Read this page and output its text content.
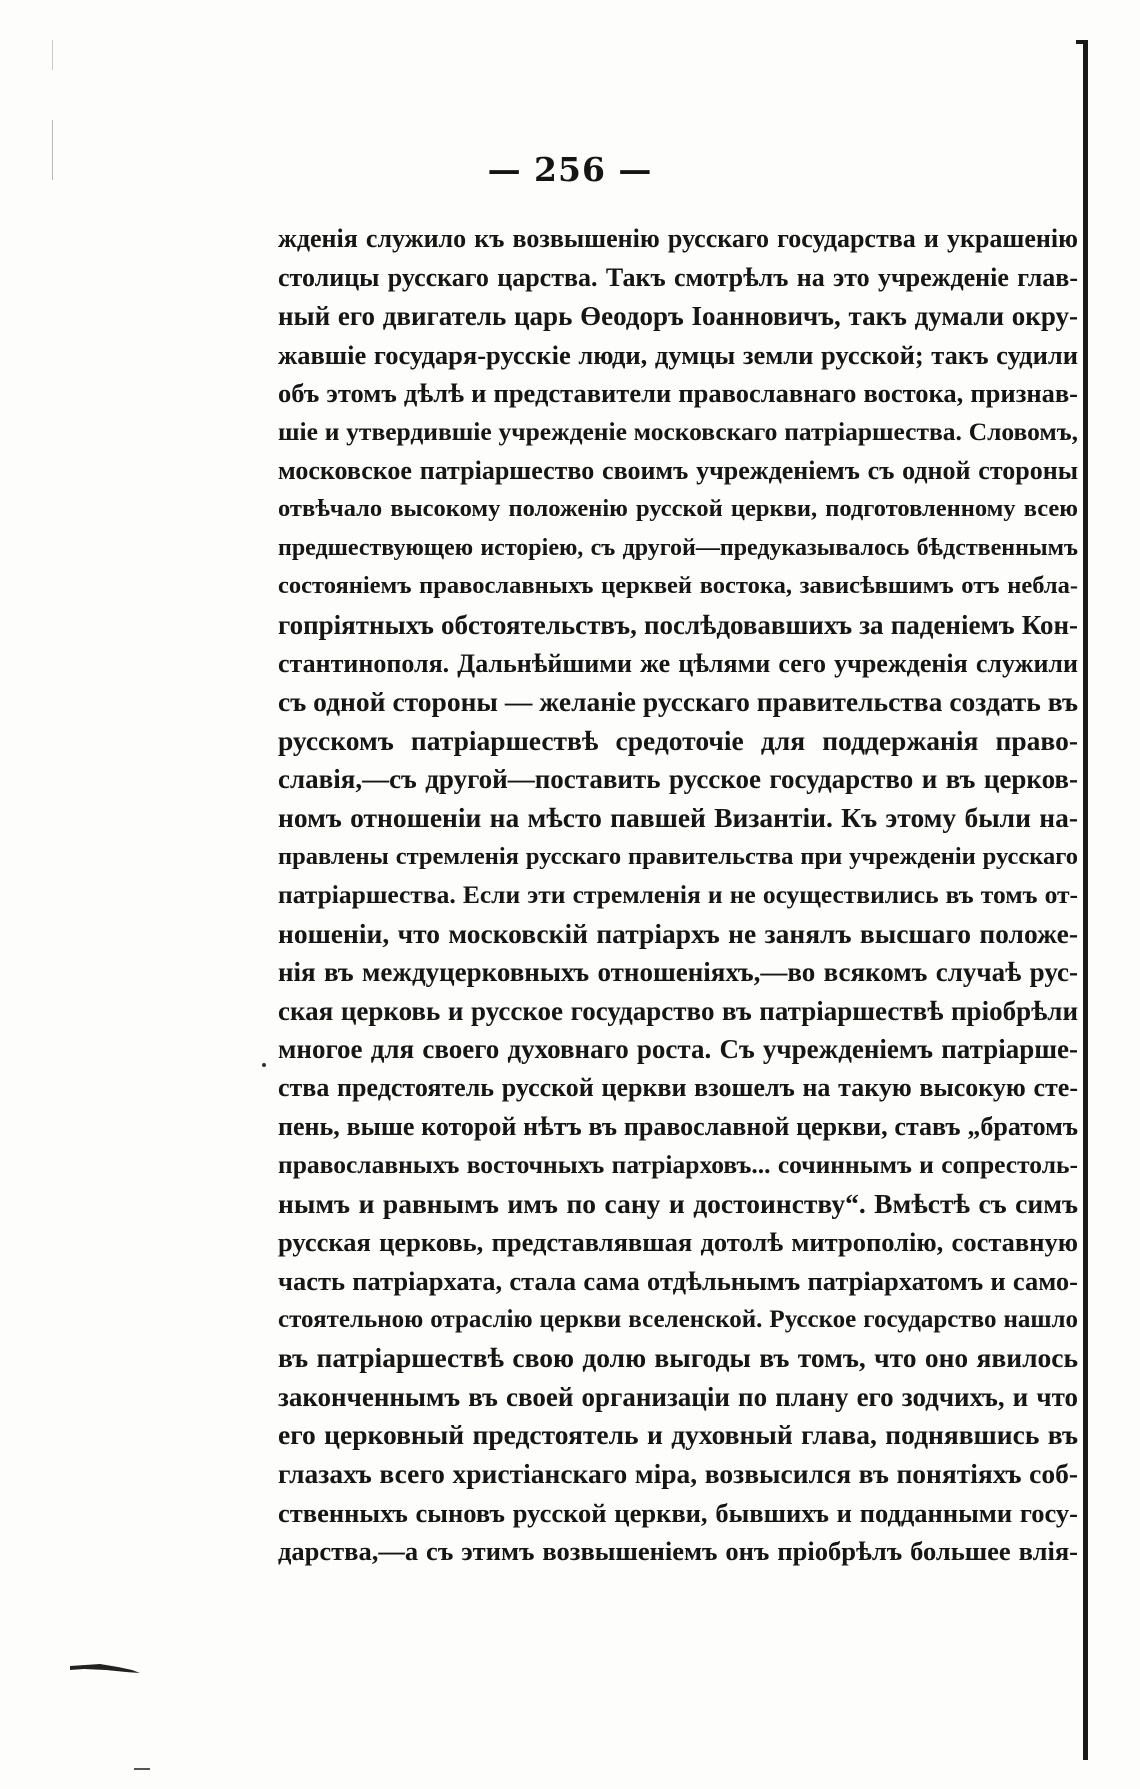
— 256 —
жденія служило къ возвышенію русскаго государства и украшенію
столицы русскаго царства. Такъ смотрѣлъ на это учрежденіе глав-
ный его двигатель царь Өеодоръ Іоанновичъ, такъ думали окру-
жавшіе государя-русскіе люди, думцы земли русской; такъ судили
объ этомъ дѣлѣ и представители православнаго востока, признав-
шіе и утвердившіе учрежденіе московскаго патріаршества. Словомъ,
московское патріаршество своимъ учрежденіемъ съ одной стороны
отвѣчало высокому положенію русской церкви, подготовленному всею
предшествующею исторіею, съ другой—предуказывалось бѣдственнымъ
состояніемъ православныхъ церквей востока, зависѣвшимъ отъ небла-
гопріятныхъ обстоятельствъ, послѣдовавшихъ за паденіемъ Кон-
стантинополя. Дальнѣйшими же цѣлями сего учрежденія служили
съ одной стороны — желаніе русскаго правительства создать въ
русскомъ патріаршествѣ средоточіе для поддержанія право-
славія,—съ другой—поставить русское государство и въ церков-
номъ отношеніи на мѣсто павшей Византіи. Къ этому были на-
правлены стремленія русскаго правительства при учрежденіи русскаго
патріаршества. Если эти стремленія и не осуществились въ томъ от-
ношеніи, что московскій патріархъ не занялъ высшаго положе-
нія въ междуцерковныхъ отношеніяхъ,—во всякомъ случаѣ рус-
ская церковь и русское государство въ патріаршествѣ пріобрѣли
многое для своего духовнаго роста. Съ учрежденіемъ патріарше-
ства предстоятель русской церкви взошелъ на такую высокую сте-
пень, выше которой нѣтъ въ православной церкви, ставъ „братомъ
православныхъ восточныхъ патріарховъ... сочиннымъ и сопрестоль-
нымъ и равнымъ имъ по сану и достоинству“. Вмѣстѣ съ симъ
русская церковь, представлявшая дотолѣ митрополію, составную
часть патріархата, стала сама отдѣльнымъ патріархатомъ и само-
стоятельною отраслію церкви вселенской. Русское государство нашло
въ патріаршествѣ свою долю выгоды въ томъ, что оно явилось
законченнымъ въ своей организаціи по плану его зодчихъ, и что
его церковный предстоятель и духовный глава, поднявшись въ
глазахъ всего христіанскаго міра, возвысился въ понятіяхъ соб-
ственныхъ сыновъ русской церкви, бывшихъ и подданными госу-
дарства,—а съ этимъ возвышеніемъ онъ пріобрѣлъ большее влія-
